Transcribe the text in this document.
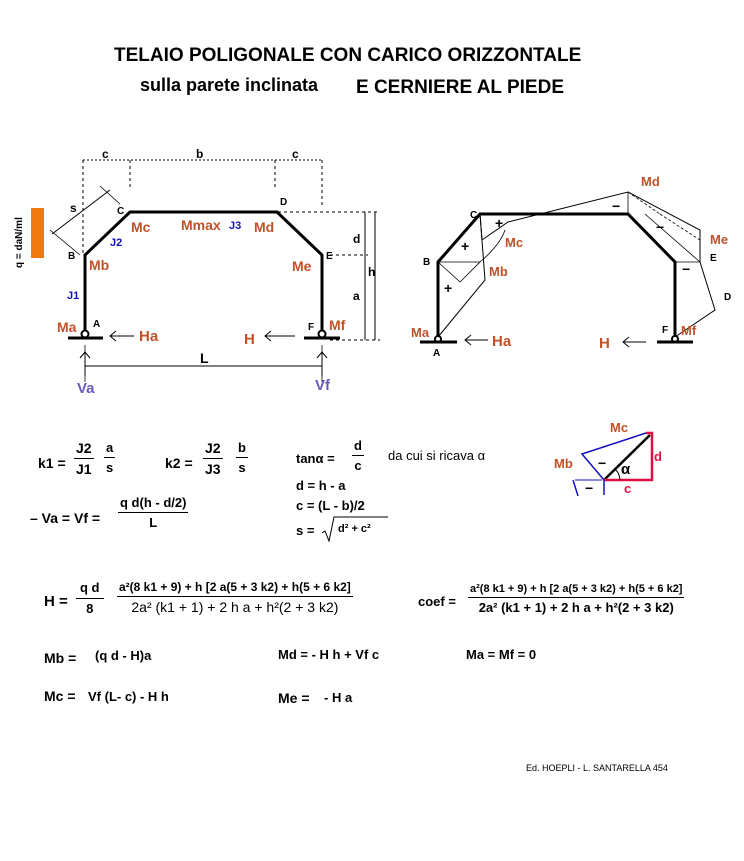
TELAIO POLIGONALE CON CARICO ORIZZONTALE
sulla parete inclinata E CERNIERE AL PIEDE
q = daN/ml
c	b	c
s
d
h
a
L
A
B
C
D
E
F
J1
J2
J3
Mb
Mc Mmax Md
Me
Ma	Mf
Ha	H
Va	Vf
A
B
C
D
E
F
+
+
+
−
−
−
Md
Mc	Me
Mb
Ma	Mf
Ha	H
Mc
Mb	α
d
c
−
−
$k1 = \frac{J2}{J1} \frac{a}{s}$	$k2 = \frac{J2}{J3} \frac{b}{s}$	$\tan\alpha = \frac{d}{c}$ da cui si ricava α
d = h - a
c = (L - b)/2
s = d² + c²
– $Va = Vf = \frac{\text{q d(h - d/2)}}{L}$
$H = \frac{\text{q d}}{8} \frac{\text{a²(8 k1 + 9) + h [2 a(5 + 3 k2) + h(5 + 6 k2]}}{\text{2a² (k1 + 1) + 2 h a + h²(2 + 3 k2)}}$	coef =
a²(8 k1 + 9) + h [2 a(5 + 3 k2) + h(5 + 6 k2]
2a² (k1 + 1) + 2 h a + h²(2 + 3 k2)
Mb = (q d - H)a	Md = - H h + Vf c	Ma = Mf = 0
Mc = Vf (L- c) - H h	Me = - H a
Ed. HOEPLI - L. SANTARELLA 454
